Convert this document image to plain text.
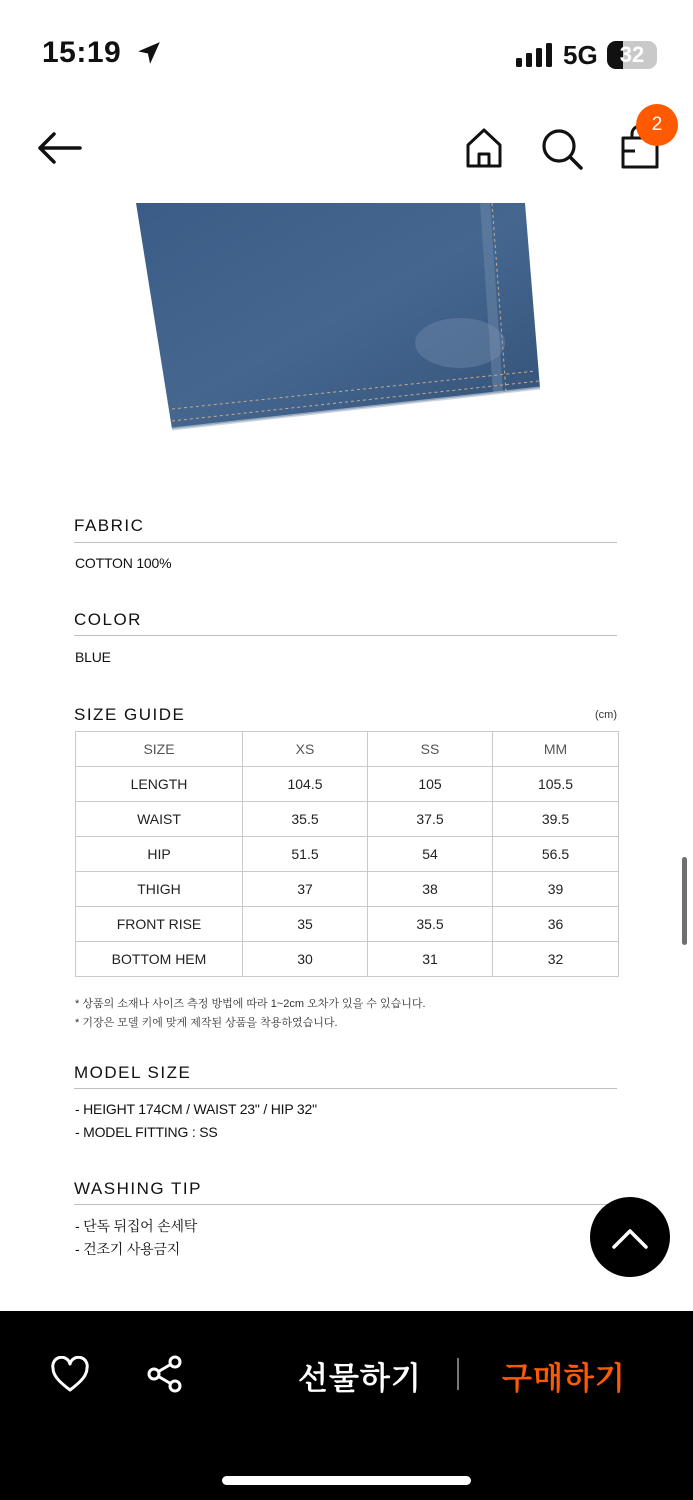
15:19	5G	32
2
FABRIC
COTTON 100%
COLOR
BLUE
SIZE GUIDE	(cm)
SIZE	XS	SS	MM
LENGTH	104.5	105	105.5
WAIST	35.5	37.5	39.5
HIP	51.5	54	56.5
THIGH	37	38	39
FRONT RISE	35	35.5	36
BOTTOM HEM	30	31	32
* 상품의 소재나 사이즈 측정 방법에 따라 1~2cm 오차가 있을 수 있습니다.
* 기장은 모델 키에 맞게 제작된 상품을 착용하였습니다.
MODEL SIZE
- HEIGHT 174CM / WAIST 23" / HIP 32"
- MODEL FITTING : SS
WASHING TIP
- 단독 뒤집어 손세탁
- 건조기 사용금지
선물하기	구매하기
